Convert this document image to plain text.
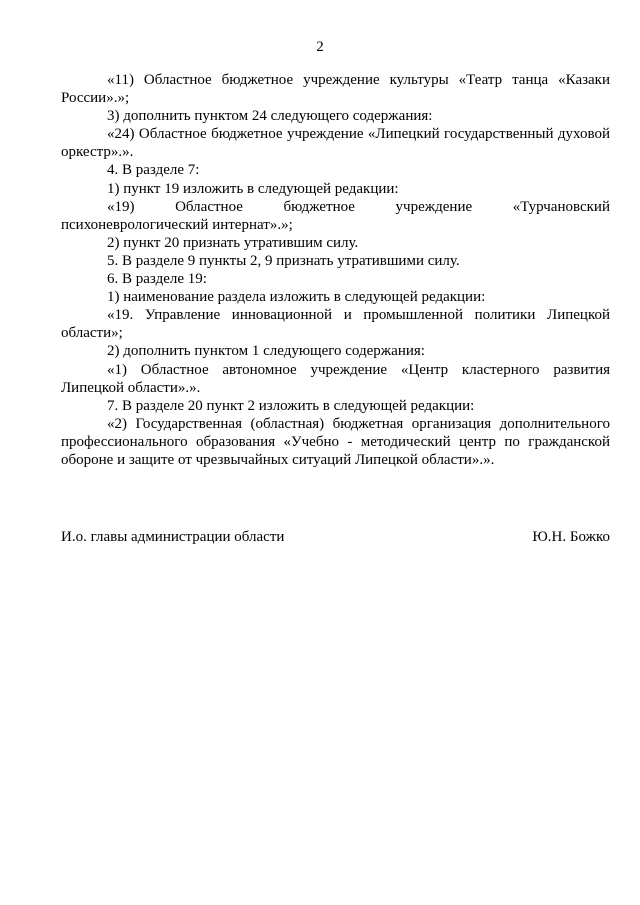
2

«11) Областное бюджетное учреждение культуры «Театр танца «Казаки России».»;

3) дополнить пунктом 24 следующего содержания:

«24) Областное бюджетное учреждение «Липецкий государственный духовой оркестр».».

4. В разделе 7:

1) пункт 19 изложить в следующей редакции:

«19) Областное бюджетное учреждение «Турчановский психоневрологический интернат».»;

2) пункт 20 признать утратившим силу.

5. В разделе 9 пункты 2, 9 признать утратившими силу.

6. В разделе 19:

1) наименование раздела изложить в следующей редакции:

«19. Управление инновационной и промышленной политики Липецкой области»;

2) дополнить пунктом 1 следующего содержания:

«1) Областное автономное учреждение «Центр кластерного развития Липецкой области».».

7. В разделе 20 пункт 2 изложить в следующей редакции:

«2) Государственная (областная) бюджетная организация дополнительного профессионального образования «Учебно - методический центр по гражданской обороне и защите от чрезвычайных ситуаций Липецкой области».».

И.о. главы администрации области	Ю.Н. Божко
